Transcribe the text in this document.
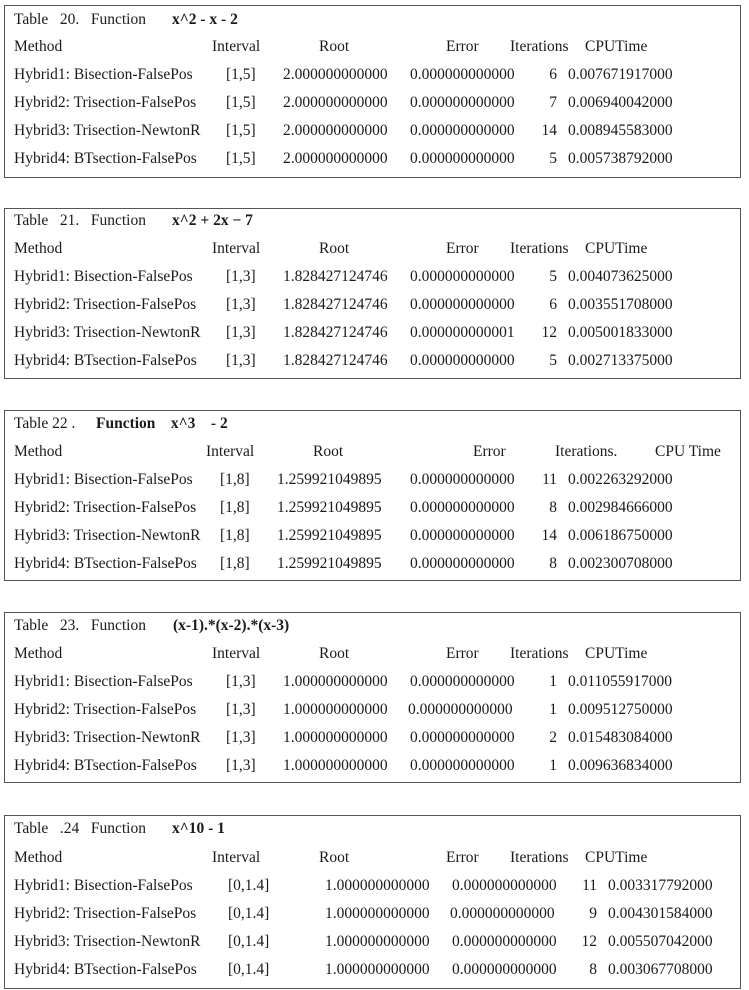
Table   20.   Function x^2 - x - 2
Method	Interval	Root	Error Iterations CPUTime
Hybrid1: Bisection-FalsePos [1,5] 2.000000000000 0.000000000000	6 0.007671917000
Hybrid2: Trisection-FalsePos [1,5] 2.000000000000 0.000000000000	7 0.006940042000
Hybrid3: Trisection-NewtonR [1,5] 2.000000000000 0.000000000000	14 0.008945583000
Hybrid4: BTsection-FalsePos [1,5] 2.000000000000 0.000000000000	5 0.005738792000
Table   21.   Function x^2 + 2x − 7
Method	Interval	Root	Error Iterations CPUTime
Hybrid1: Bisection-FalsePos [1,3] 1.828427124746 0.000000000000	5 0.004073625000
Hybrid2: Trisection-FalsePos [1,3] 1.828427124746 0.000000000000	6 0.003551708000
Hybrid3: Trisection-NewtonR [1,3] 1.828427124746 0.000000000001	12 0.005001833000
Hybrid4: BTsection-FalsePos [1,3] 1.828427124746 0.000000000000	5 0.002713375000
Table 22 . Function    x^3    - 2
Method	Interval	Root	Error	Iterations. CPU Time
Hybrid1: Bisection-FalsePos [1,8] 1.259921049895 0.000000000000	11 0.002263292000
Hybrid2: Trisection-FalsePos [1,8] 1.259921049895 0.000000000000	8 0.002984666000
Hybrid3: Trisection-NewtonR [1,8] 1.259921049895 0.000000000000	14 0.006186750000
Hybrid4: BTsection-FalsePos [1,8] 1.259921049895 0.000000000000	8 0.002300708000
Table   23.   Function (x-1).*(x-2).*(x-3)
Method	Interval	Root	Error Iterations CPUTime
Hybrid1: Bisection-FalsePos [1,3] 1.000000000000 0.000000000000	1 0.011055917000
Hybrid2: Trisection-FalsePos [1,3] 1.000000000000 0.000000000000	1 0.009512750000
Hybrid3: Trisection-NewtonR [1,3] 1.000000000000 0.000000000000	2 0.015483084000
Hybrid4: BTsection-FalsePos [1,3] 1.000000000000 0.000000000000	1 0.009636834000
Table   .24   Function x^10 - 1
Method	Interval	Root	Error Iterations CPUTime
Hybrid1: Bisection-FalsePos [0,1.4]	1.000000000000 0.000000000000	11 0.003317792000
Hybrid2: Trisection-FalsePos [0,1.4]	1.000000000000 0.000000000000	9 0.004301584000
Hybrid3: Trisection-NewtonR [0,1.4]	1.000000000000 0.000000000000	12 0.005507042000
Hybrid4: BTsection-FalsePos [0,1.4]	1.000000000000 0.000000000000	8 0.003067708000
